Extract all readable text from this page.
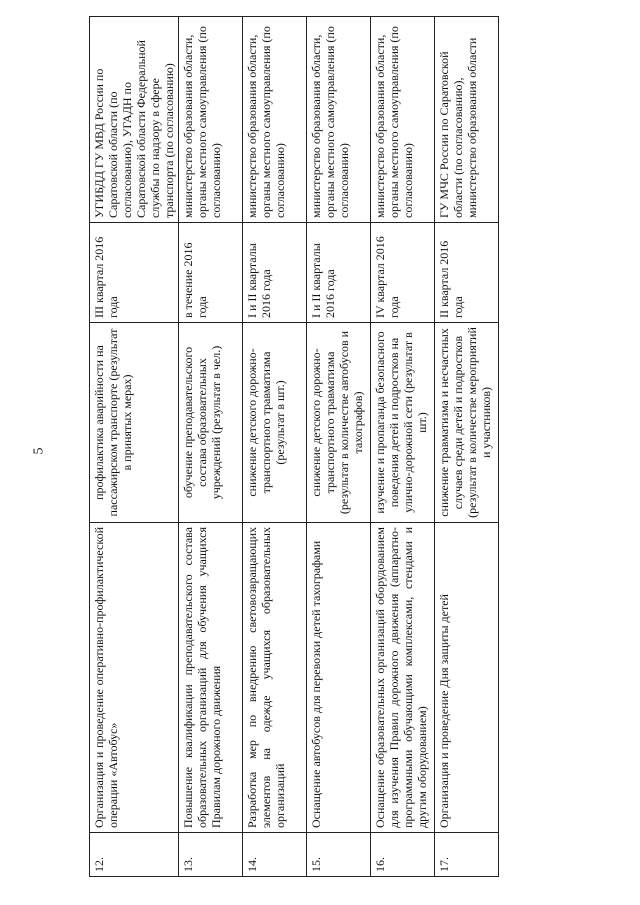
5
12.	Организация и проведение оперативно-профилактической операции «Автобус»	профилактика аварийности на пассажирском транспорте (результат в принятых мерах)	III квартал 2016 года	УГИБДД ГУ МВД России по Саратовской области (по согласованию), УГАДН по Саратовской области Федеральной службы по надзору в сфере транспорта (по согласованию)
13.	Повышение квалификации преподавательского состава образовательных организаций для обучения учащихся Правилам дорожного движения	обучение преподавательского состава образовательных учреждений (результат в чел.)	в течение 2016 года	министерство образования области, органы местного самоуправления (по согласованию)
14.	Разработка мер по внедрению световозвращающих элементов на одежде учащихся образовательных организаций	снижение детского дорожно-транспортного травматизма (результат в шт.)	I и II кварталы 2016 года	министерство образования области, органы местного самоуправления (по согласованию)
15.	Оснащение автобусов для перевозки детей тахографами	снижение детского дорожно-транспортного травматизма (результат в количестве автобусов и тахографов)	I и II кварталы 2016 года	министерство образования области, органы местного самоуправления (по согласованию)
16.	Оснащение образовательных организаций оборудованием для изучения Правил дорожного движения (аппаратно-программными обучающими комплексами, стендами и другим оборудованием)	изучение и пропаганда безопасного поведения детей и подростков на улично-дорожной сети (результат в шт.)	IV квартал 2016 года	министерство образования области, органы местного самоуправления (по согласованию)
17.	Организация и проведение Дня защиты детей	снижение травматизма и несчастных случаев среди детей и подростков (результат в количестве мероприятий и участников)	II квартал 2016 года	ГУ МЧС России по Саратовской области (по согласованию), министерство образования области
